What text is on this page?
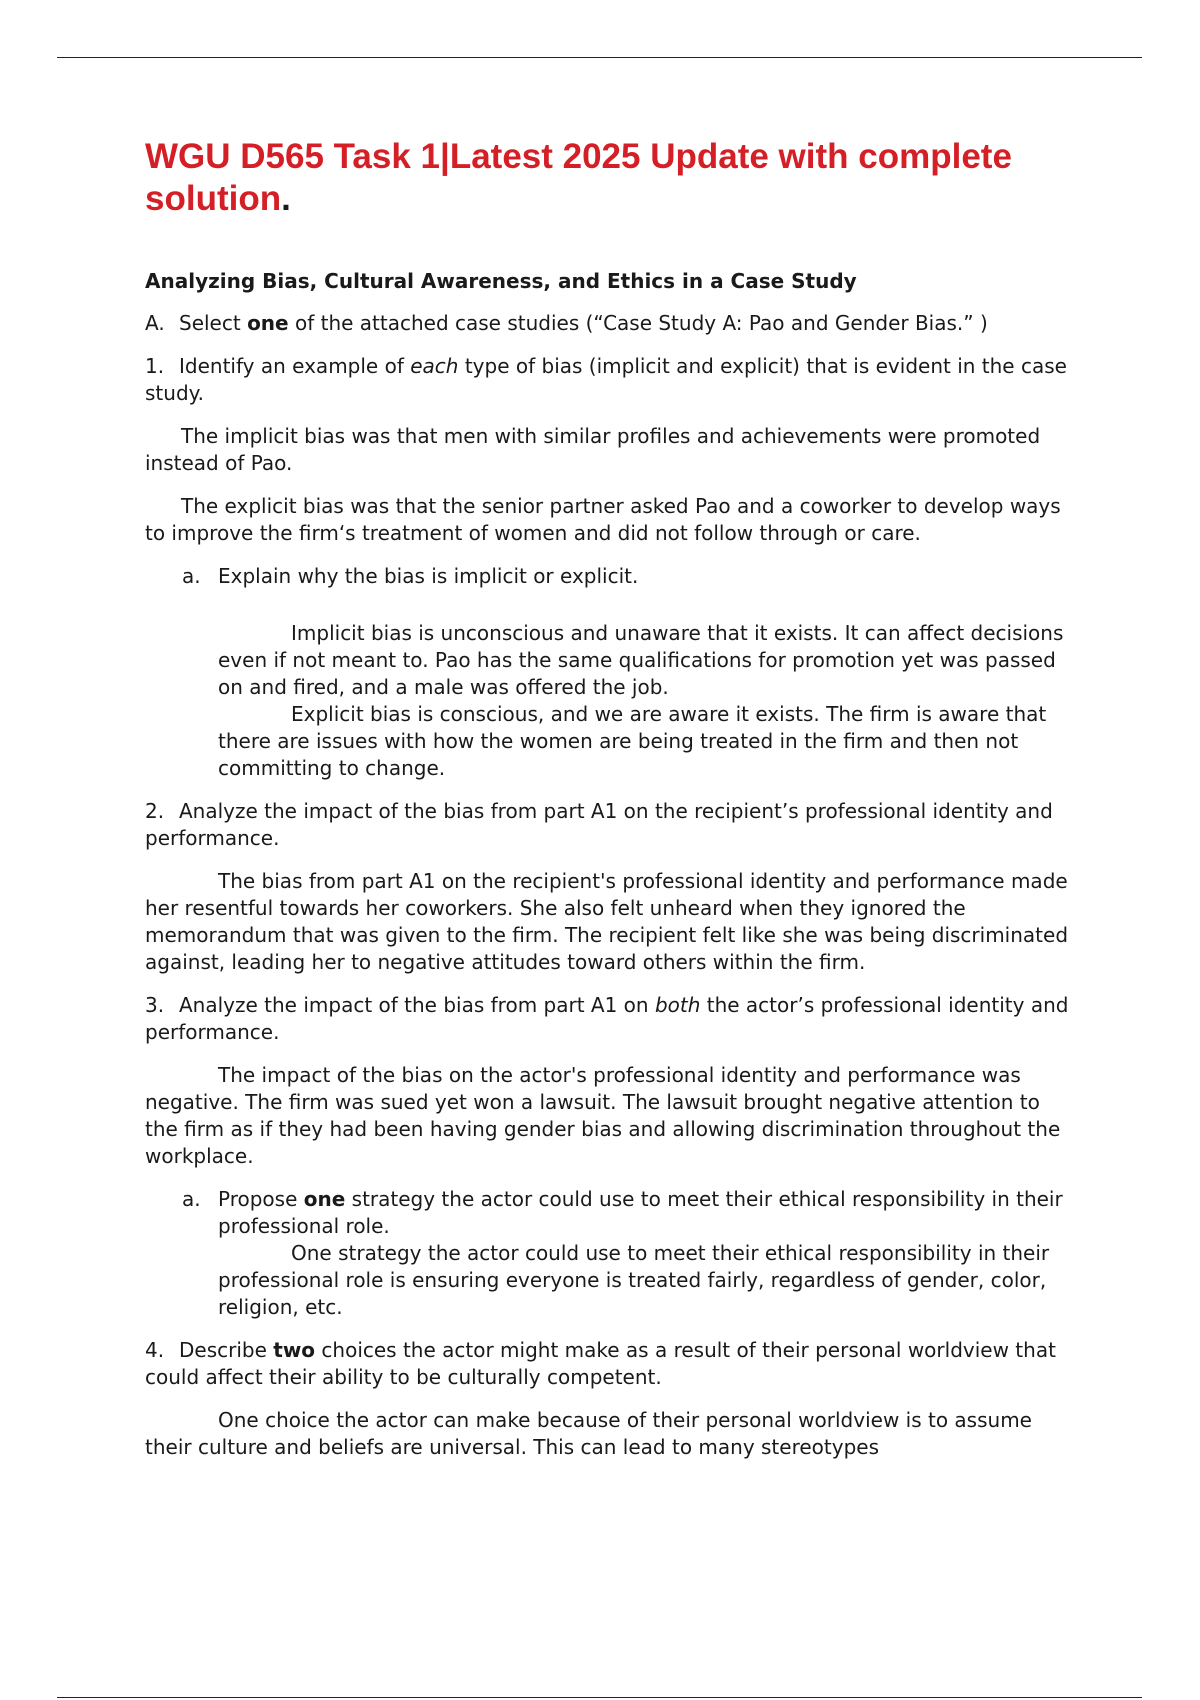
WGU D565 Task 1|Latest 2025 Update with complete solution.
Analyzing Bias, Cultural Awareness, and Ethics in a Case Study

A. Select one of the attached case studies (“Case Study A: Pao and Gender Bias.” )

1. Identify an example of each type of bias (implicit and explicit) that is evident in the case study.

The implicit bias was that men with similar profiles and achievements were promoted instead of Pao.

The explicit bias was that the senior partner asked Pao and a coworker to develop ways to improve the firm‘s treatment of women and did not follow through or care.

a. Explain why the bias is implicit or explicit.

Implicit bias is unconscious and unaware that it exists. It can affect decisions even if not meant to. Pao has the same qualifications for promotion yet was passed on and fired, and a male was offered the job.

Explicit bias is conscious, and we are aware it exists. The firm is aware that there are issues with how the women are being treated in the firm and then not committing to change.

2. Analyze the impact of the bias from part A1 on the recipient’s professional identity and performance.

The bias from part A1 on the recipient's professional identity and performance made her resentful towards her coworkers. She also felt unheard when they ignored the memorandum that was given to the firm. The recipient felt like she was being discriminated against, leading her to negative attitudes toward others within the firm.

3. Analyze the impact of the bias from part A1 on both the actor’s professional identity and performance.

The impact of the bias on the actor's professional identity and performance was negative. The firm was sued yet won a lawsuit. The lawsuit brought negative attention to the firm as if they had been having gender bias and allowing discrimination throughout the workplace.

a. Propose one strategy the actor could use to meet their ethical responsibility in their professional role.

One strategy the actor could use to meet their ethical responsibility in their professional role is ensuring everyone is treated fairly, regardless of gender, color, religion, etc.

4. Describe two choices the actor might make as a result of their personal worldview that could affect their ability to be culturally competent.

One choice the actor can make because of their personal worldview is to assume their culture and beliefs are universal. This can lead to many stereotypes
